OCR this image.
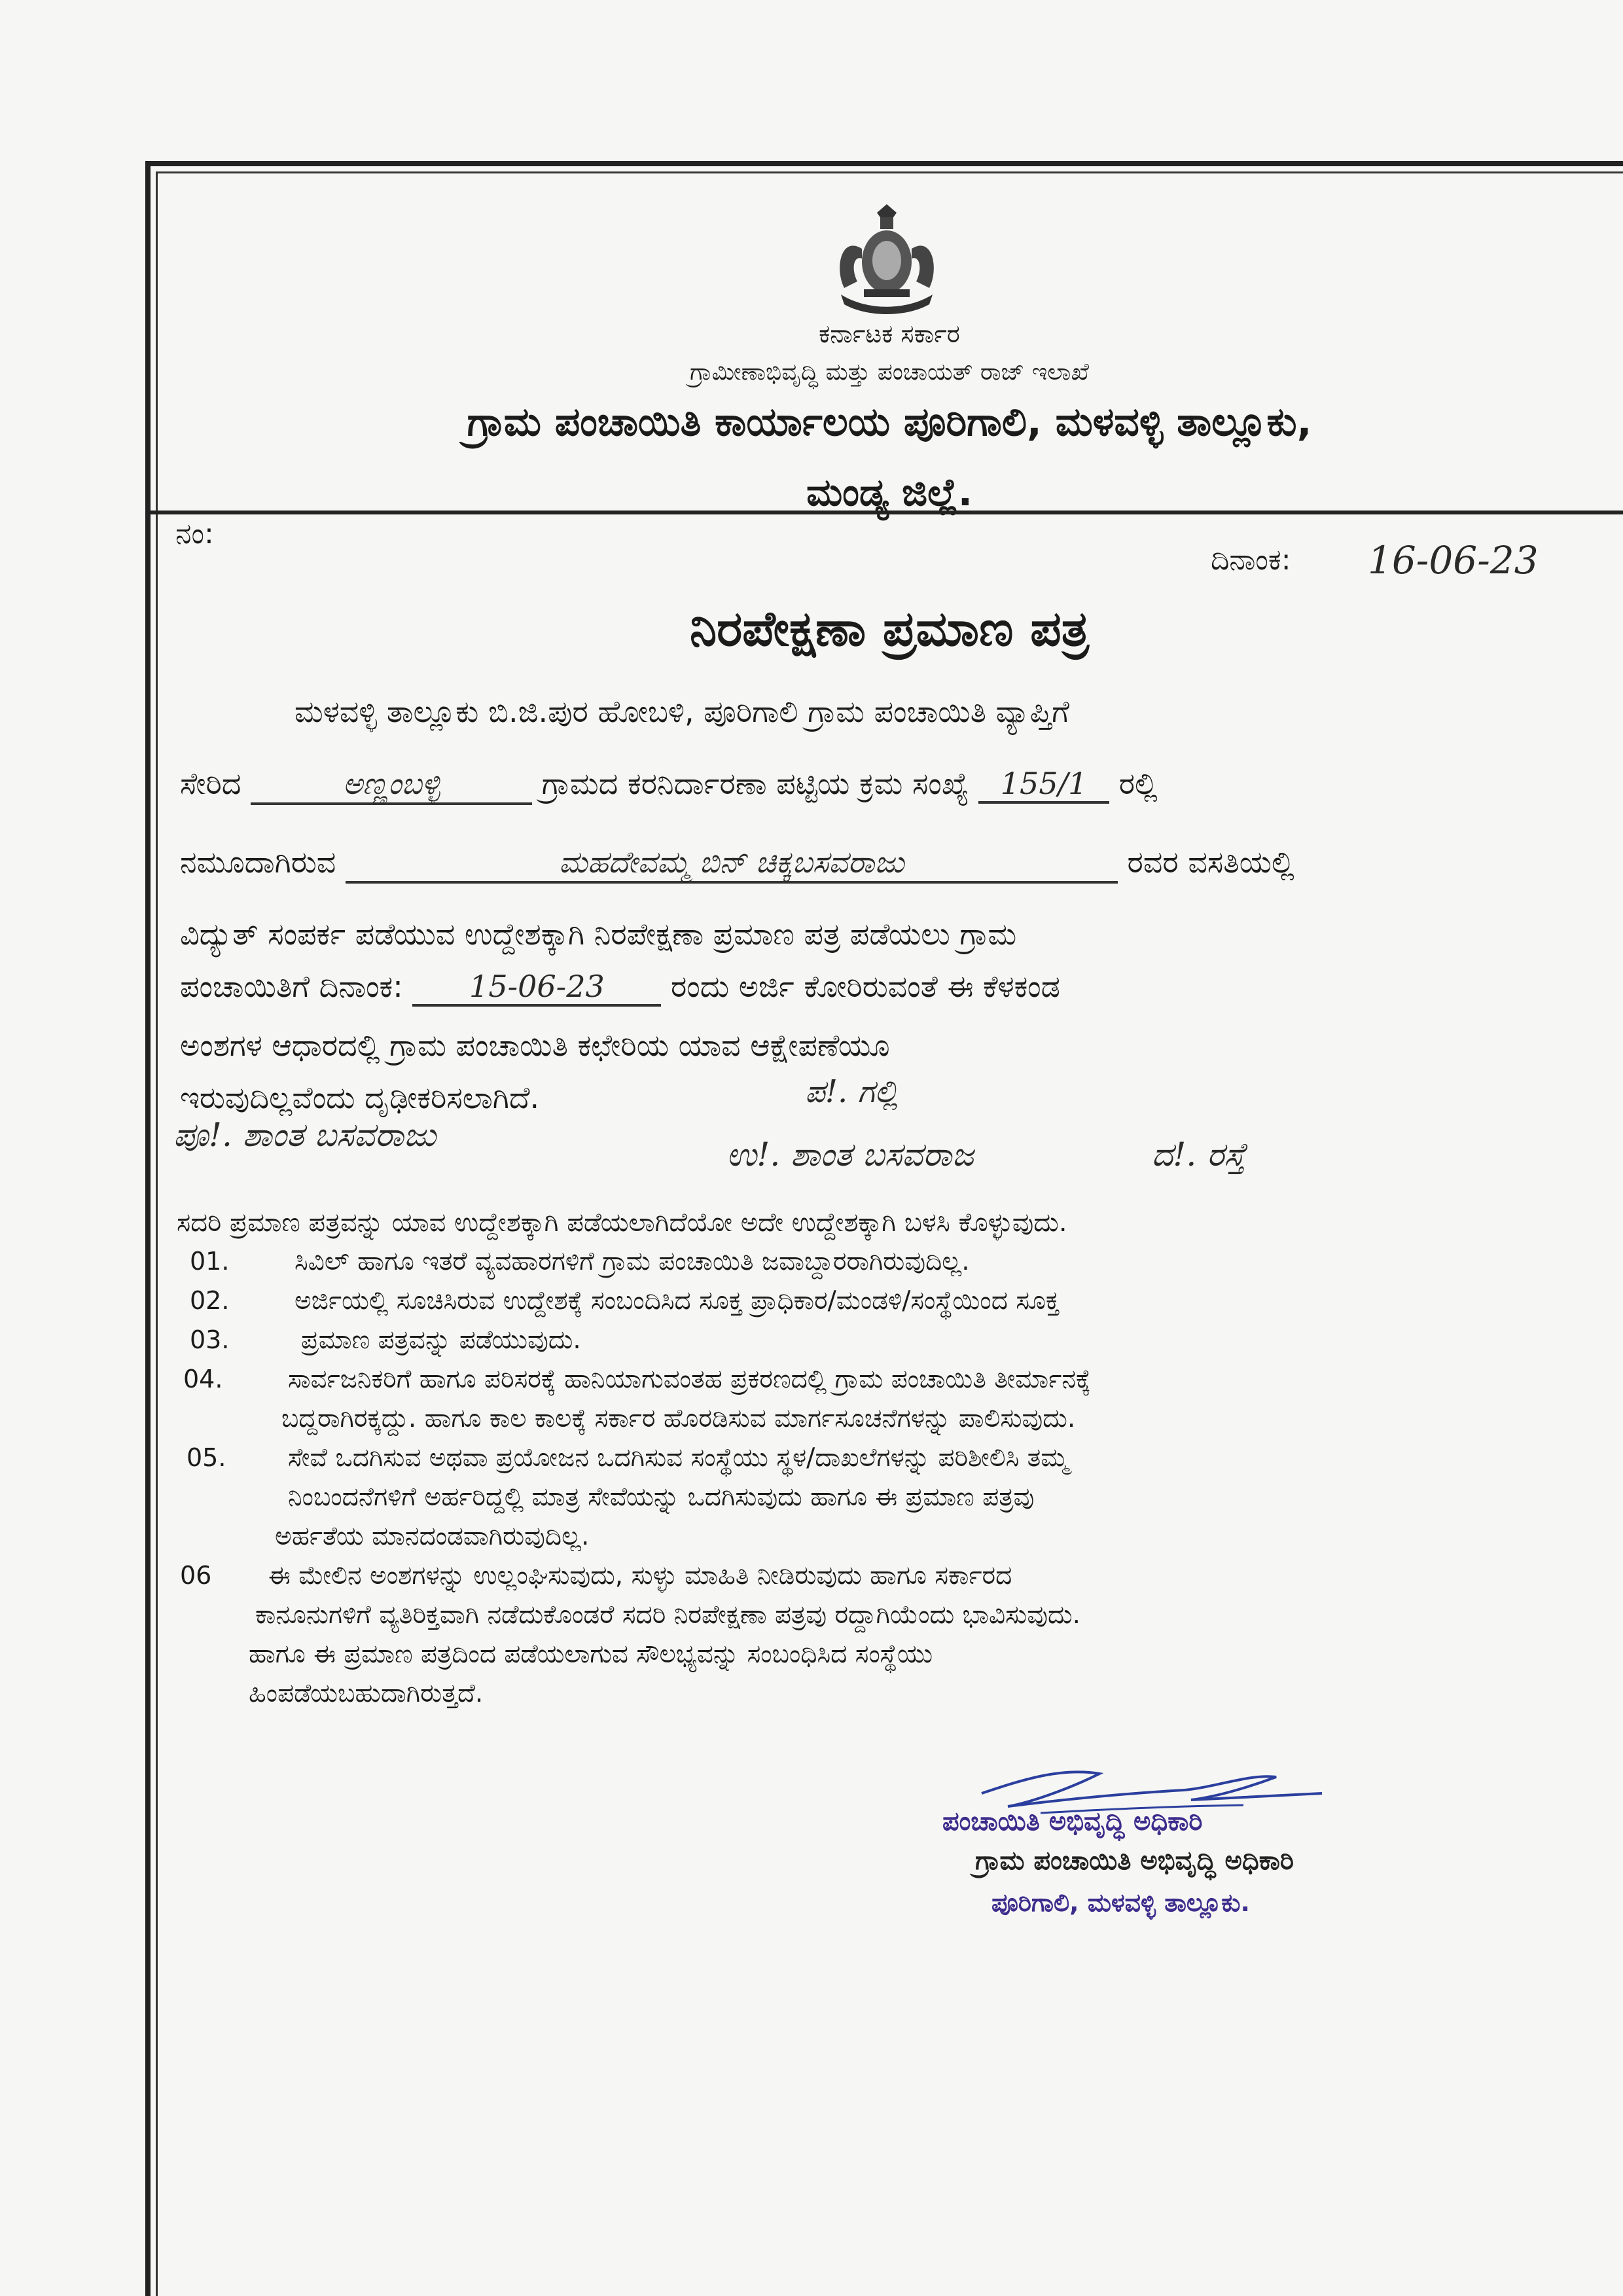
ಕರ್ನಾಟಕ ಸರ್ಕಾರ
ಗ್ರಾಮೀಣಾಭಿವೃದ್ಧಿ ಮತ್ತು ಪಂಚಾಯತ್ ರಾಜ್ ಇಲಾಖೆ
ಗ್ರಾಮ ಪಂಚಾಯಿತಿ ಕಾರ್ಯಾಲಯ ಪೂರಿಗಾಲಿ, ಮಳವಳ್ಳಿ ತಾಲ್ಲೂಕು,
ಮಂಡ್ಯ ಜಿಲ್ಲೆ.
ನಂ:
ದಿನಾಂಕ: 16-06-23
ನಿರಪೇಕ್ಷಣಾ ಪ್ರಮಾಣ ಪತ್ರ
ಮಳವಳ್ಳಿ ತಾಲ್ಲೂಕು ಬಿ.ಜಿ.ಪುರ ಹೋಬಳಿ, ಪೂರಿಗಾಲಿ ಗ್ರಾಮ ಪಂಚಾಯಿತಿ ವ್ಯಾಪ್ತಿಗೆ
ಸೇರಿದ	ಅಣ್ಣಂಬಳ್ಳಿ	ಗ್ರಾಮದ ಕರನಿರ್ದಾರಣಾ ಪಟ್ಟಿಯ ಕ್ರಮ ಸಂಖ್ಯೆ 155/1 ರಲ್ಲಿ
ನಮೂದಾಗಿರುವ	ಮಹದೇವಮ್ಮ ಬಿನ್ ಚಿಕ್ಕಬಸವರಾಜು	ರವರ ವಸತಿಯಲ್ಲಿ
ವಿದ್ಯುತ್ ಸಂಪರ್ಕ ಪಡೆಯುವ ಉದ್ದೇಶಕ್ಕಾಗಿ ನಿರಪೇಕ್ಷಣಾ ಪ್ರಮಾಣ ಪತ್ರ ಪಡೆಯಲು ಗ್ರಾಮ
ಪಂಚಾಯಿತಿಗೆ ದಿನಾಂಕ: 15-06-23 ರಂದು ಅರ್ಜಿ ಕೋರಿರುವಂತೆ ಈ ಕೆಳಕಂಡ
ಅಂಶಗಳ ಆಧಾರದಲ್ಲಿ ಗ್ರಾಮ ಪಂಚಾಯಿತಿ ಕಛೇರಿಯ ಯಾವ ಆಕ್ಷೇಪಣೆಯೂ
ಇರುವುದಿಲ್ಲವೆಂದು ದೃಢೀಕರಿಸಲಾಗಿದೆ.	ಪ!. ಗಲ್ಲಿ
ಪೂ!. ಶಾಂತ ಬಸವರಾಜು
ಉ!. ಶಾಂತ ಬಸವರಾಜ	ದ!. ರಸ್ತೆ
ಸದರಿ ಪ್ರಮಾಣ ಪತ್ರವನ್ನು ಯಾವ ಉದ್ದೇಶಕ್ಕಾಗಿ ಪಡೆಯಲಾಗಿದೆಯೋ ಅದೇ ಉದ್ದೇಶಕ್ಕಾಗಿ ಬಳಸಿ ಕೊಳ್ಳುವುದು.
01.	ಸಿವಿಲ್ ಹಾಗೂ ಇತರೆ ವ್ಯವಹಾರಗಳಿಗೆ ಗ್ರಾಮ ಪಂಚಾಯಿತಿ ಜವಾಬ್ದಾರರಾಗಿರುವುದಿಲ್ಲ.
02.	ಅರ್ಜಿಯಲ್ಲಿ ಸೂಚಿಸಿರುವ ಉದ್ದೇಶಕ್ಕೆ ಸಂಬಂದಿಸಿದ ಸೂಕ್ತ ಪ್ರಾಧಿಕಾರ/ಮಂಡಳಿ/ಸಂಸ್ಥೆಯಿಂದ ಸೂಕ್ತ
03.	ಪ್ರಮಾಣ ಪತ್ರವನ್ನು ಪಡೆಯುವುದು.
04.	ಸಾರ್ವಜನಿಕರಿಗೆ ಹಾಗೂ ಪರಿಸರಕ್ಕೆ ಹಾನಿಯಾಗುವಂತಹ ಪ್ರಕರಣದಲ್ಲಿ ಗ್ರಾಮ ಪಂಚಾಯಿತಿ ತೀರ್ಮಾನಕ್ಕೆ
ಬದ್ದರಾಗಿರಕ್ಕದ್ದು. ಹಾಗೂ ಕಾಲ ಕಾಲಕ್ಕೆ ಸರ್ಕಾರ ಹೊರಡಿಸುವ ಮಾರ್ಗಸೂಚನೆಗಳನ್ನು ಪಾಲಿಸುವುದು.
05. ಸೇವೆ ಒದಗಿಸುವ ಅಥವಾ ಪ್ರಯೋಜನ ಒದಗಿಸುವ ಸಂಸ್ಥೆಯು ಸ್ಥಳ/ದಾಖಲೆಗಳನ್ನು ಪರಿಶೀಲಿಸಿ ತಮ್ಮ
ನಿಂಬಂದನೆಗಳಿಗೆ ಅರ್ಹರಿದ್ದಲ್ಲಿ ಮಾತ್ರ ಸೇವೆಯನ್ನು ಒದಗಿಸುವುದು ಹಾಗೂ ಈ ಪ್ರಮಾಣ ಪತ್ರವು
ಅರ್ಹತೆಯ ಮಾನದಂಡವಾಗಿರುವುದಿಲ್ಲ.
06 ಈ ಮೇಲಿನ ಅಂಶಗಳನ್ನು ಉಲ್ಲಂಘಿಸುವುದು, ಸುಳ್ಳು ಮಾಹಿತಿ ನೀಡಿರುವುದು ಹಾಗೂ ಸರ್ಕಾರದ
ಕಾನೂನುಗಳಿಗೆ ವ್ಯತಿರಿಕ್ತವಾಗಿ ನಡೆದುಕೊಂಡರೆ ಸದರಿ ನಿರಪೇಕ್ಷಣಾ ಪತ್ರವು ರದ್ದಾಗಿಯೆಂದು ಭಾವಿಸುವುದು.
ಹಾಗೂ ಈ ಪ್ರಮಾಣ ಪತ್ರದಿಂದ ಪಡೆಯಲಾಗುವ ಸೌಲಭ್ಯವನ್ನು ಸಂಬಂಧಿಸಿದ ಸಂಸ್ಥೆಯು
ಹಿಂಪಡೆಯಬಹುದಾಗಿರುತ್ತದೆ.
ಪಂಚಾಯಿತಿ ಅಭಿವೃದ್ಧಿ ಅಧಿಕಾರಿ
ಗ್ರಾಮ ಪಂಚಾಯಿತಿ ಅಭಿವೃದ್ಧಿ ಅಧಿಕಾರಿ
ಪೂರಿಗಾಲಿ, ಮಳವಳ್ಳಿ ತಾಲ್ಲೂಕು.
